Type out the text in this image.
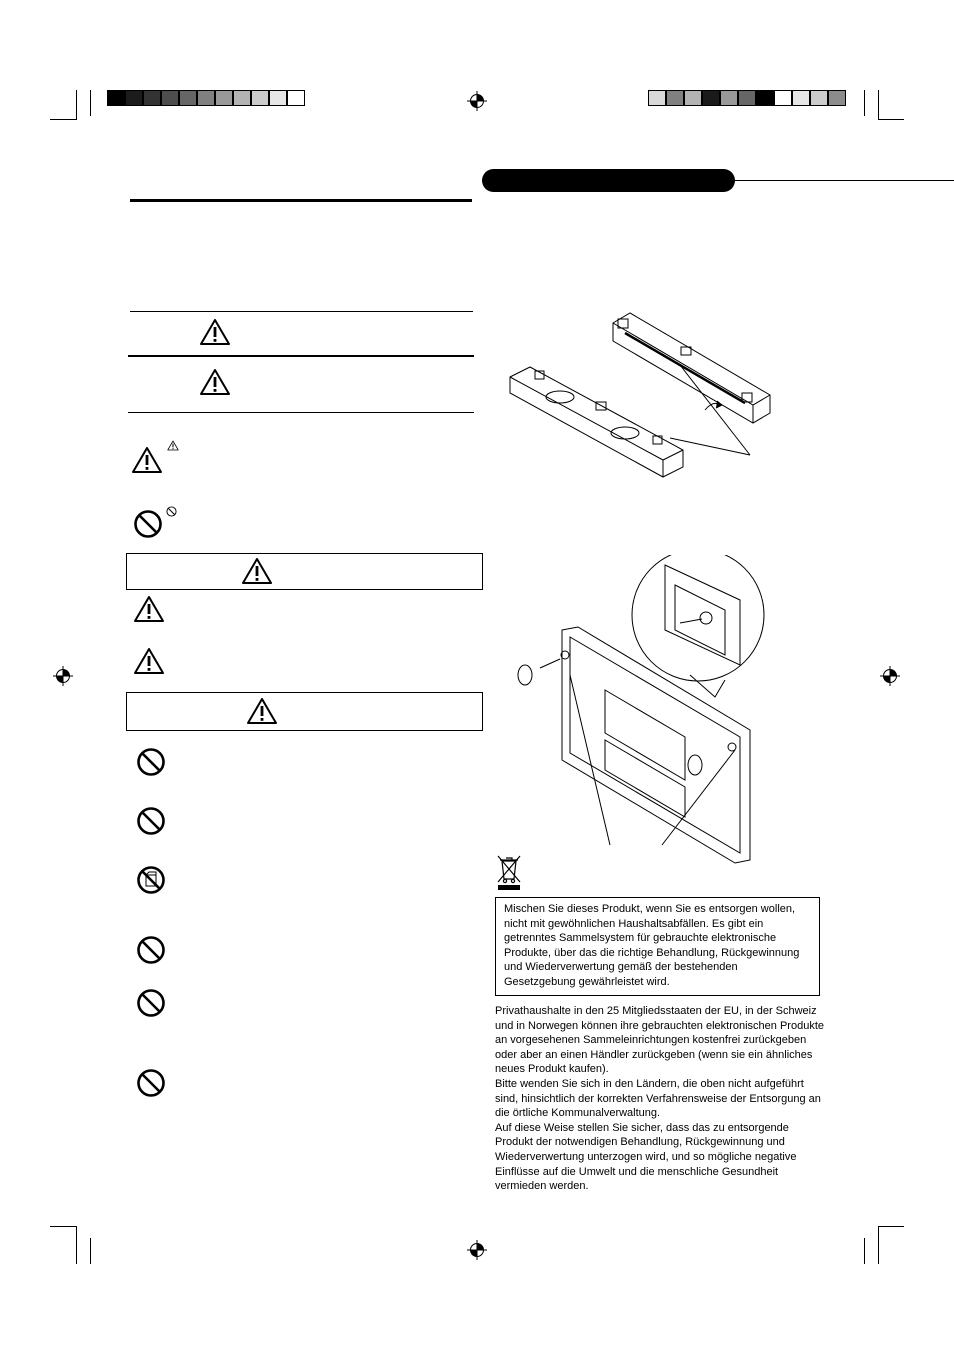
Mischen Sie dieses Produkt, wenn Sie es entsorgen wollen, nicht mit gewöhnlichen Haushaltsabfällen. Es gibt ein getrenntes Sammelsystem für gebrauchte elektronische Produkte, über das die richtige Behandlung, Rückgewinnung und Wiederverwertung gemäß der bestehenden Gesetzgebung gewährleistet wird.

Privathaushalte in den 25 Mitgliedsstaaten der EU, in der Schweiz und in Norwegen können ihre gebrauchten elektronischen Produkte an vorgesehenen Sammeleinrichtungen kostenfrei zurückgeben oder aber an einen Händler zurückgeben (wenn sie ein ähnliches neues Produkt kaufen).

Bitte wenden Sie sich in den Ländern, die oben nicht aufgeführt sind, hinsichtlich der korrekten Verfahrensweise der Entsorgung an die örtliche Kommunalverwaltung.

Auf diese Weise stellen Sie sicher, dass das zu entsorgende Produkt der notwendigen Behandlung, Rückgewinnung und Wiederverwertung unterzogen wird, und so mögliche negative Einflüsse auf die Umwelt und die menschliche Gesundheit vermieden werden.
